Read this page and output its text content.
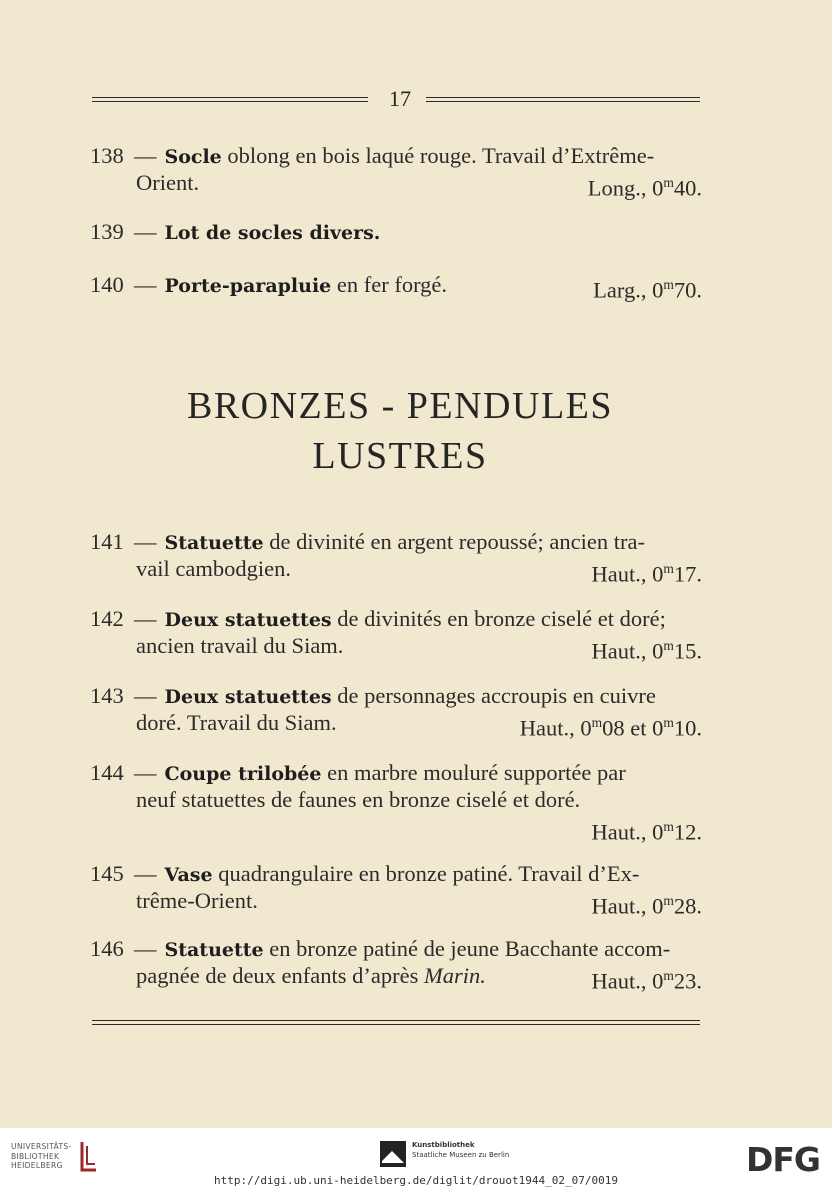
17
138 — Socle oblong en bois laqué rouge. Travail d’Extrême-
Orient.	Long., 0$^m$40.
139 — Lot de socles divers.
140 — Porte-parapluie en fer forgé.	Larg., 0$^m$70.
BRONZES - PENDULES
LUSTRES
141 — Statuette de divinité en argent repoussé; ancien tra-
vail cambodgien.	Haut., 0$^m$17.
142 — Deux statuettes de divinités en bronze ciselé et doré;
ancien travail du Siam.	Haut., 0$^m$15.
143 — Deux statuettes de personnages accroupis en cuivre
doré. Travail du Siam.	Haut., 0$^m$08 et 0$^m$10.
144 — Coupe trilobée en marbre mouluré supportée par
neuf statuettes de faunes en bronze ciselé et doré.
Haut., 0$^m$12.
145 — Vase quadrangulaire en bronze patiné. Travail d’Ex-
trême-Orient.	Haut., 0$^m$28.
146 — Statuette en bronze patiné de jeune Bacchante accom-
pagnée de deux enfants d’après Marin.	Haut., 0$^m$23.
UNIVERSITÄTS-
BIBLIOTHEK
HEIDELBERG
Kunstbibliothek
Staatliche Museen zu Berlin	DFG
http://digi.ub.uni-heidelberg.de/diglit/drouot1944_02_07/0019
